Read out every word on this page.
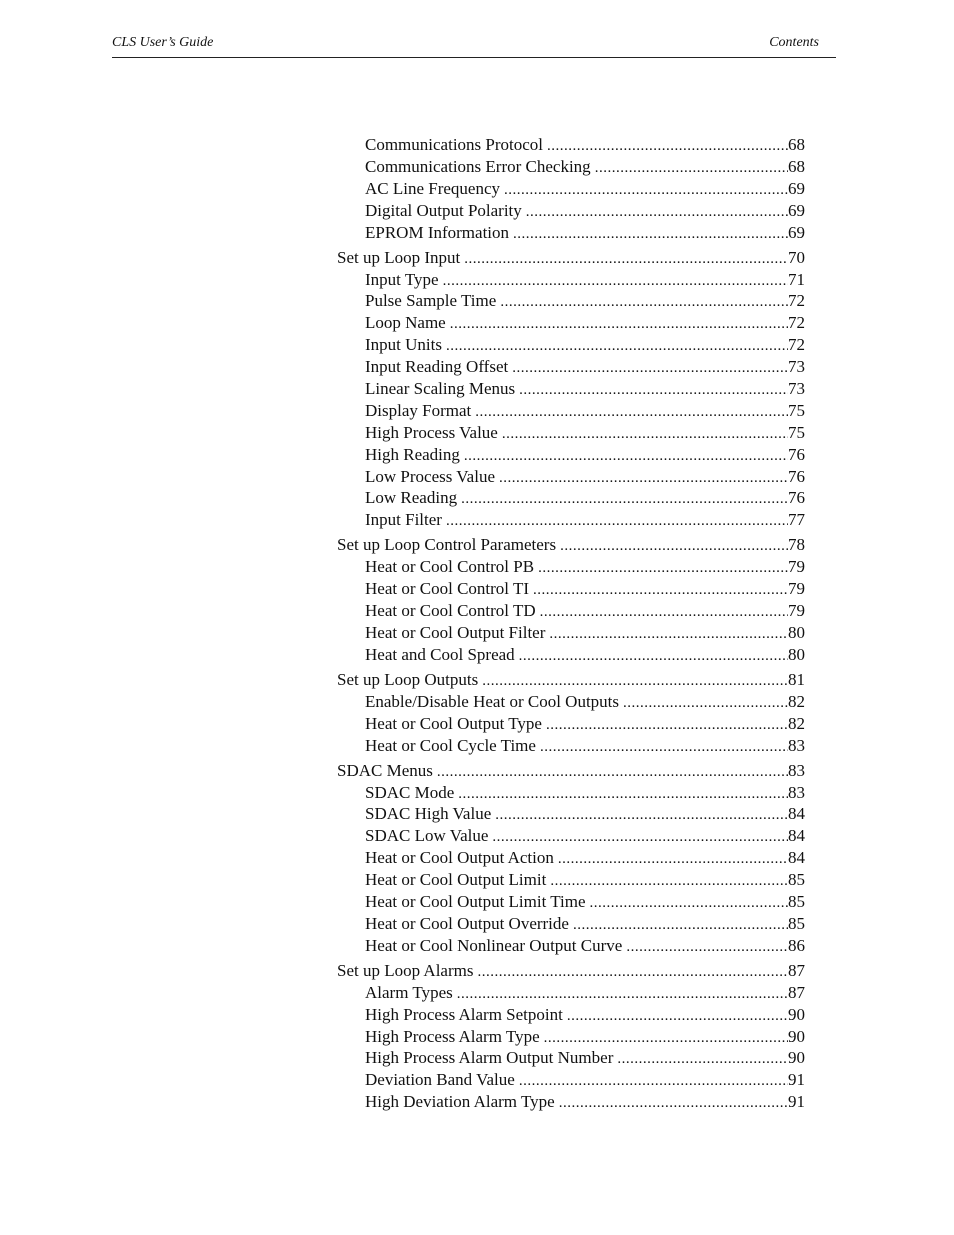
CLS User’s Guide	Contents
Communications Protocol .....	68
Communications Error Checking .....	68
AC Line Frequency .....	69
Digital Output Polarity .....	69
EPROM Information .....	69
Set up Loop Input .....	70
Input Type .....	71
Pulse Sample Time .....	72
Loop Name .....	72
Input Units .....	72
Input Reading Offset .....	73
Linear Scaling Menus .....	73
Display Format .....	75
High Process Value .....	75
High Reading .....	76
Low Process Value .....	76
Low Reading .....	76
Input Filter .....	77
Set up Loop Control Parameters .....	78
Heat or Cool Control PB .....	79
Heat or Cool Control TI .....	79
Heat or Cool Control TD .....	79
Heat or Cool Output Filter .....	80
Heat and Cool Spread .....	80
Set up Loop Outputs .....	81
Enable/Disable Heat or Cool Outputs .....	82
Heat or Cool Output Type .....	82
Heat or Cool Cycle Time .....	83
SDAC Menus .....	83
SDAC Mode .....	83
SDAC High Value .....	84
SDAC Low Value .....	84
Heat or Cool Output Action .....	84
Heat or Cool Output Limit .....	85
Heat or Cool Output Limit Time .....	85
Heat or Cool Output Override .....	85
Heat or Cool Nonlinear Output Curve .....	86
Set up Loop Alarms .....	87
Alarm Types .....	87
High Process Alarm Setpoint .....	90
High Process Alarm Type .....	90
High Process Alarm Output Number .....	90
Deviation Band Value .....	91
High Deviation Alarm Type .....	91
